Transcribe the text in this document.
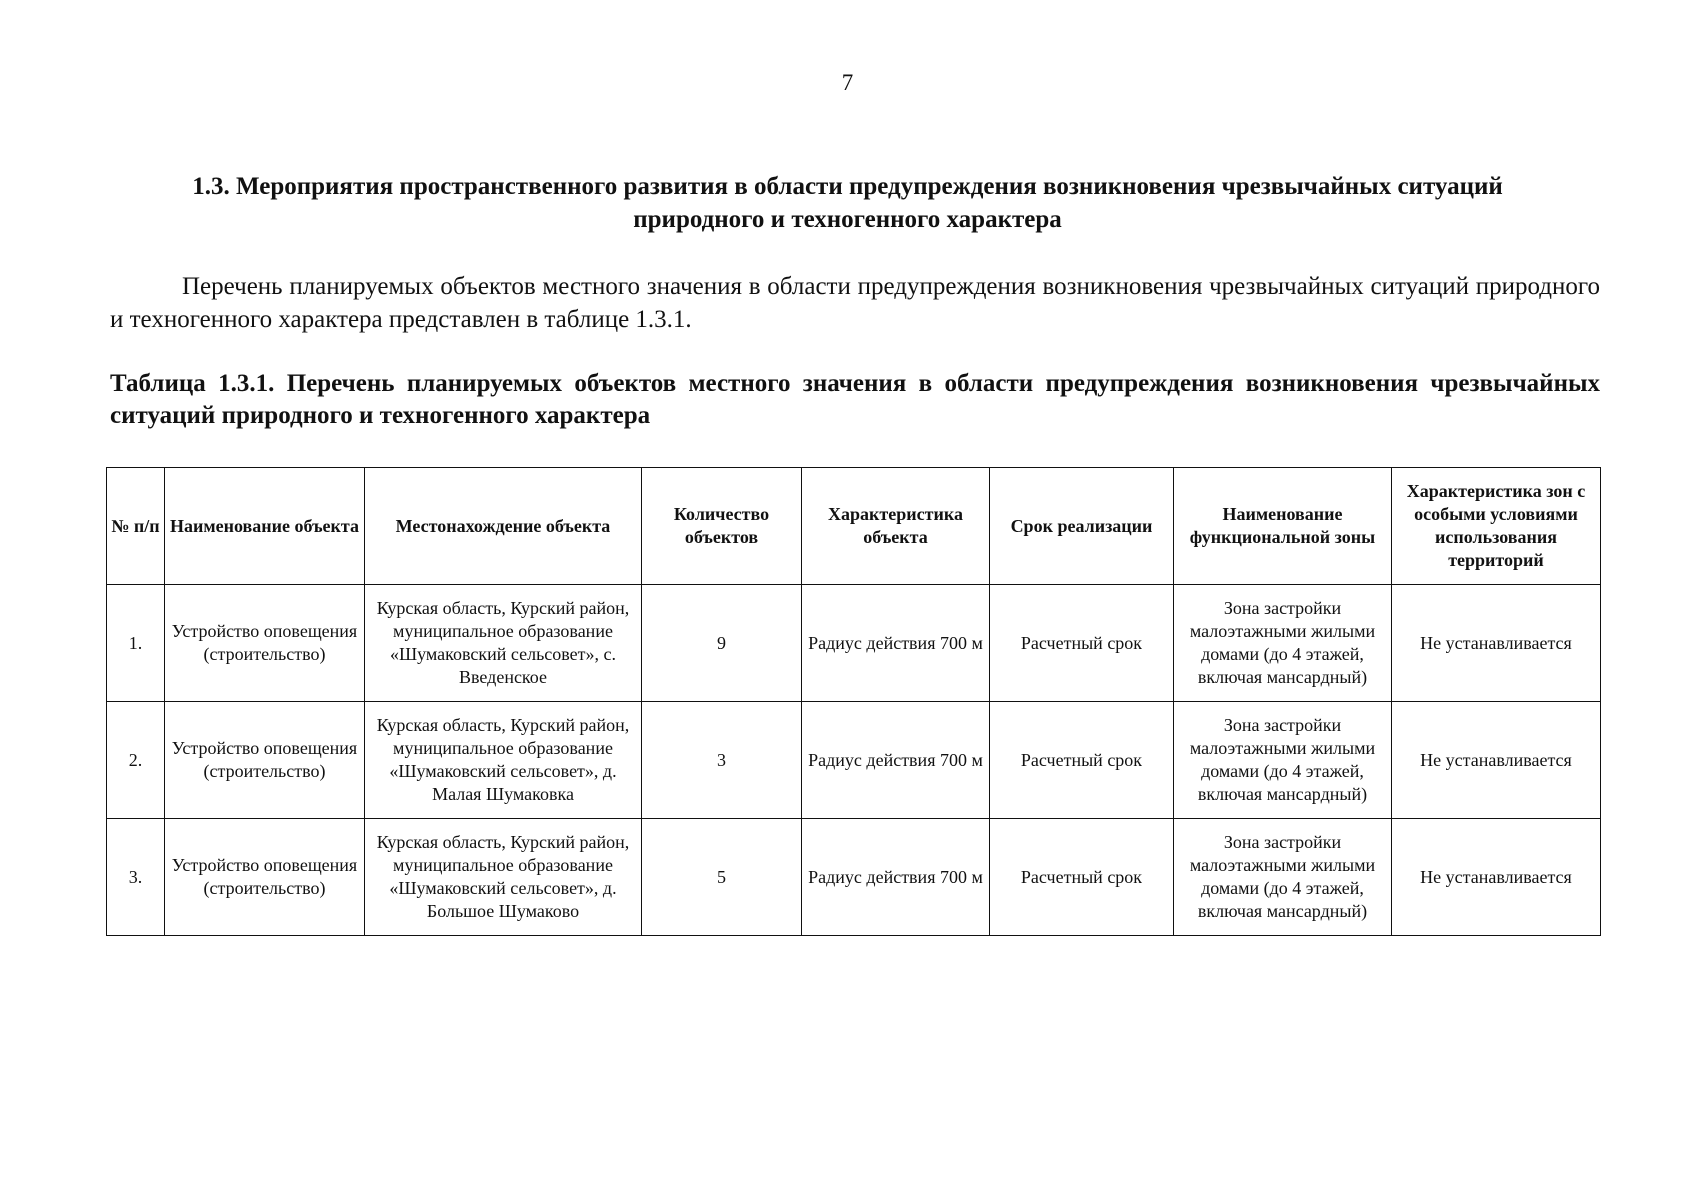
7
1.3. Мероприятия пространственного развития в области предупреждения возникновения чрезвычайных ситуаций природного и техногенного характера
Перечень планируемых объектов местного значения в области предупреждения возникновения чрезвычайных ситуаций природного и техногенного характера представлен в таблице 1.3.1.
Таблица 1.3.1. Перечень планируемых объектов местного значения в области предупреждения возникновения чрезвычайных ситуаций природного и техногенного характера
№ п/п	Наименование объекта	Местонахождение объекта	Количество объектов	Характеристика объекта	Срок реализации	Наименование функциональной зоны	Характеристика зон с особыми условиями использования территорий
1.	Устройство оповещения (строительство)	Курская область, Курский район, муниципальное образование «Шумаковский сельсовет», с. Введенское	9	Радиус действия 700 м	Расчетный срок	Зона застройки малоэтажными жилыми домами (до 4 этажей, включая мансардный)	Не устанавливается
2.	Устройство оповещения (строительство)	Курская область, Курский район, муниципальное образование «Шумаковский сельсовет», д. Малая Шумаковка	3	Радиус действия 700 м	Расчетный срок	Зона застройки малоэтажными жилыми домами (до 4 этажей, включая мансардный)	Не устанавливается
3.	Устройство оповещения (строительство)	Курская область, Курский район, муниципальное образование «Шумаковский сельсовет», д. Большое Шумаково	5	Радиус действия 700 м	Расчетный срок	Зона застройки малоэтажными жилыми домами (до 4 этажей, включая мансардный)	Не устанавливается
